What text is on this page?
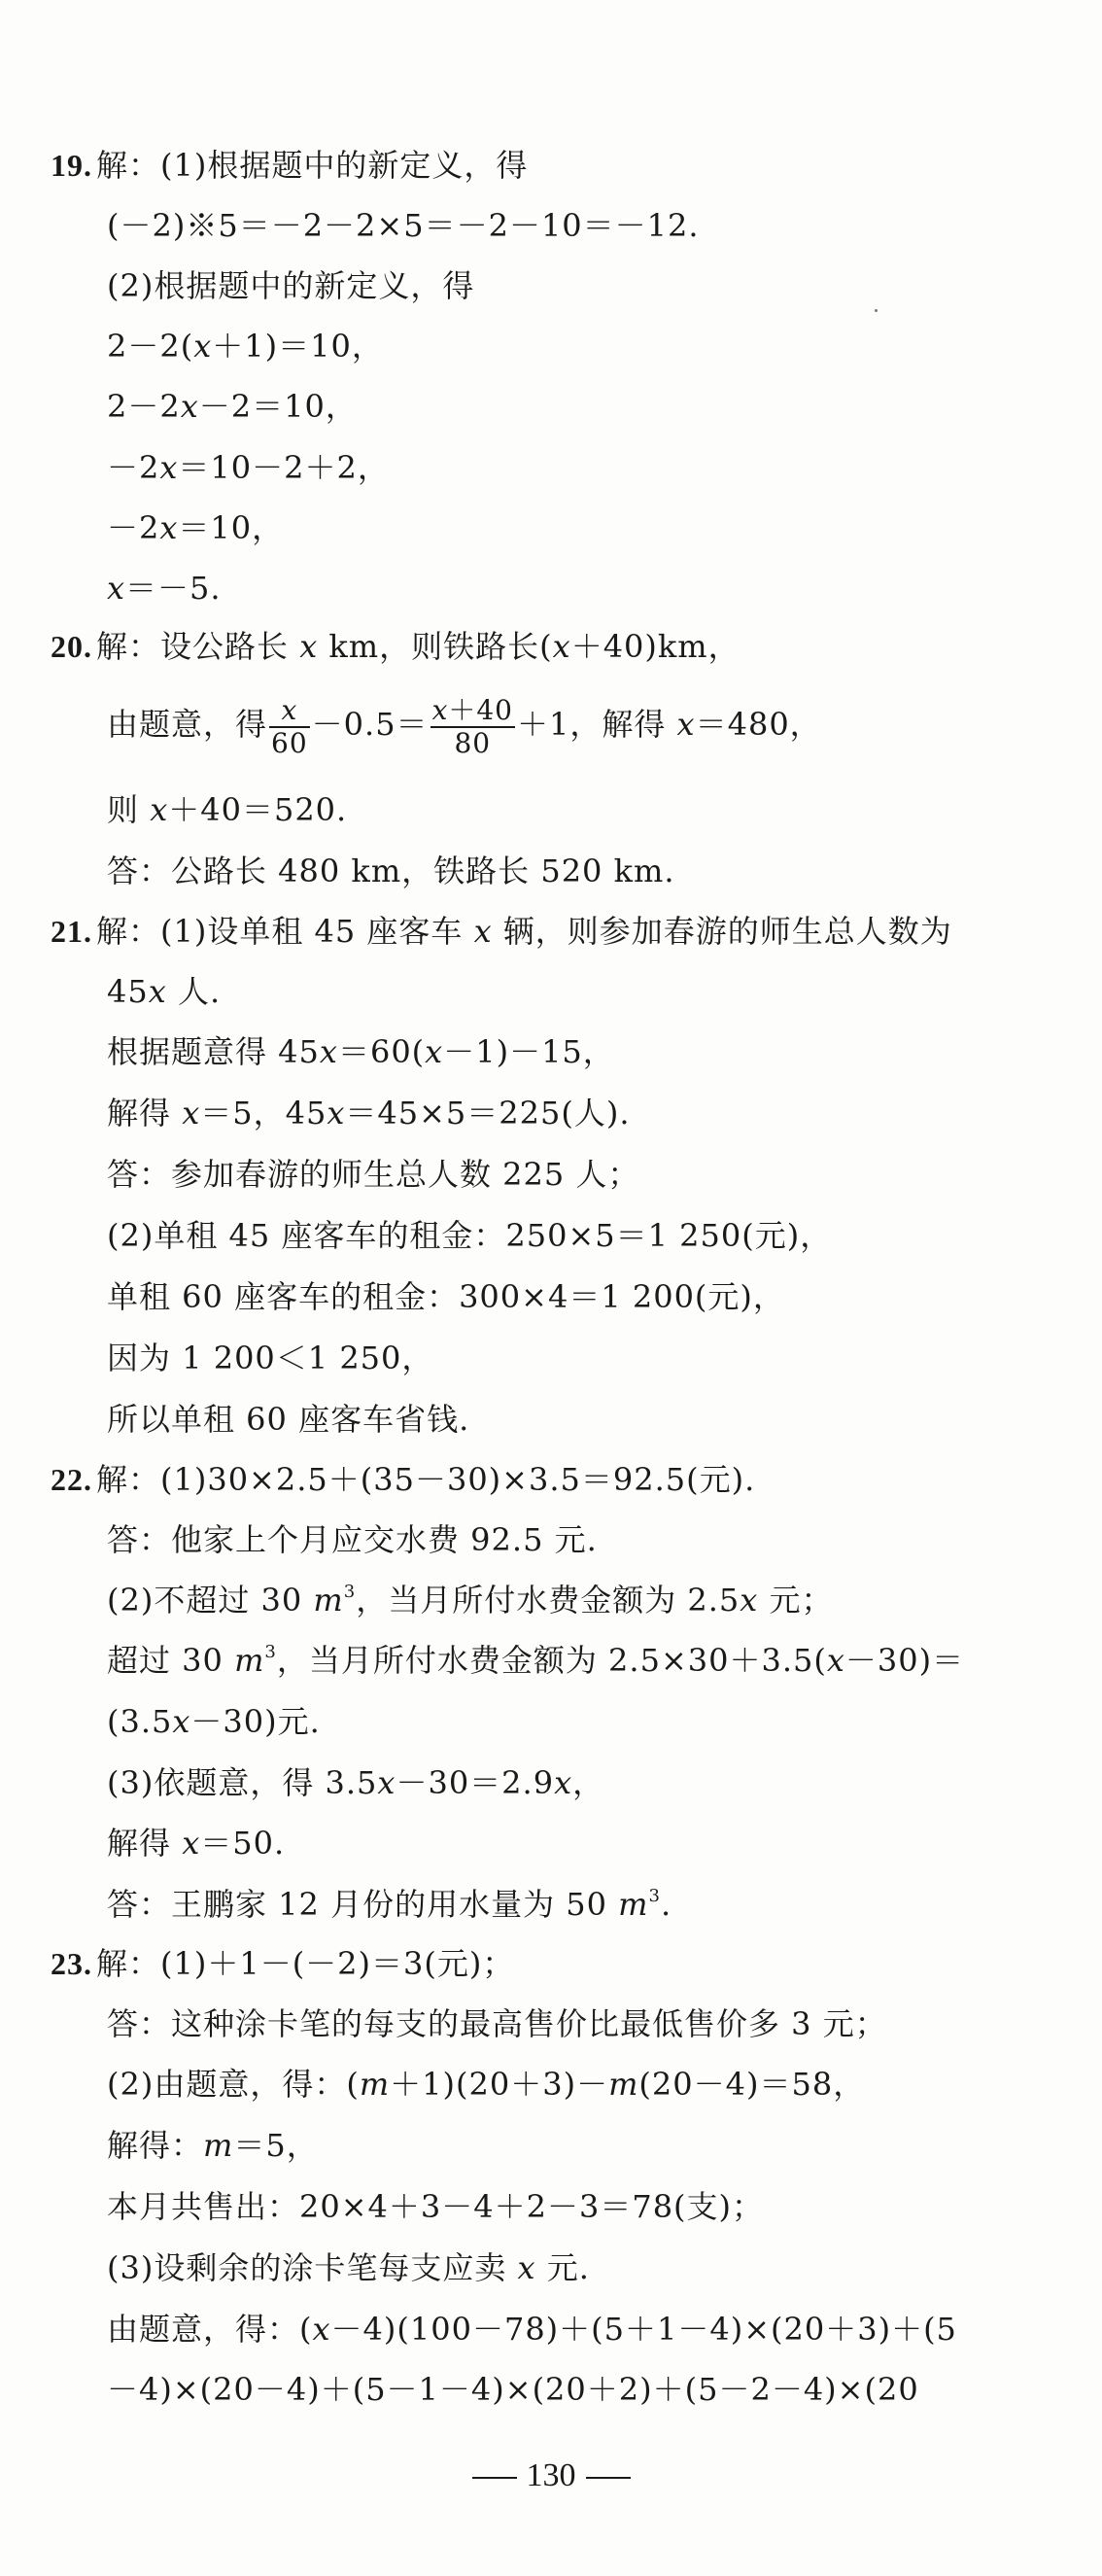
19. 解：(1)根据题中的新定义，得
(－2)※5＝－2－2×5＝－2－10＝－12.
(2)根据题中的新定义，得
2－2(x＋1)＝10，
2－2x－2＝10，
－2x＝10－2＋2，
－2x＝10，
x＝－5.
20. 解：设公路长 x km，则铁路长(x＋40)km，
由题意，得 $\frac{x}{60} -0.5= \frac{x+40}{80} +1$，解得 x＝480，
则 x＋40＝520.
答：公路长 480 km，铁路长 520 km.
21. 解：(1)设单租 45 座客车 x 辆，则参加春游的师生总人数为
45x 人.
根据题意得 45x＝60(x－1)－15，
解得 x＝5，45x＝45×5＝225(人).
答：参加春游的师生总人数 225 人；
(2)单租 45 座客车的租金：250×5＝1 250(元)，
单租 60 座客车的租金：300×4＝1 200(元)，
因为 1 200＜1 250，
所以单租 60 座客车省钱.
22. 解：(1)30×2.5＋(35－30)×3.5＝92.5(元).
答：他家上个月应交水费 92.5 元.
(2)不超过 30 $m^3$，当月所付水费金额为 2.5x 元；
超过 30 $m^3$，当月所付水费金额为 2.5×30＋3.5(x－30)＝
(3.5x－30)元.
(3)依题意，得 3.5x－30＝2.9x，
解得 x＝50.
答：王鹏家 12 月份的用水量为 50 $m^3$.
23. 解：(1)＋1－(－2)＝3(元)；
答：这种涂卡笔的每支的最高售价比最低售价多 3 元；
(2)由题意，得：(m＋1)(20＋3)－m(20－4)＝58，
解得：m＝5，
本月共售出：20×4＋3－4＋2－3＝78(支)；
(3)设剩余的涂卡笔每支应卖 x 元.
由题意，得：(x－4)(100－78)＋(5＋1－4)×(20＋3)＋(5
－4)×(20－4)＋(5－1－4)×(20＋2)＋(5－2－4)×(20
130
